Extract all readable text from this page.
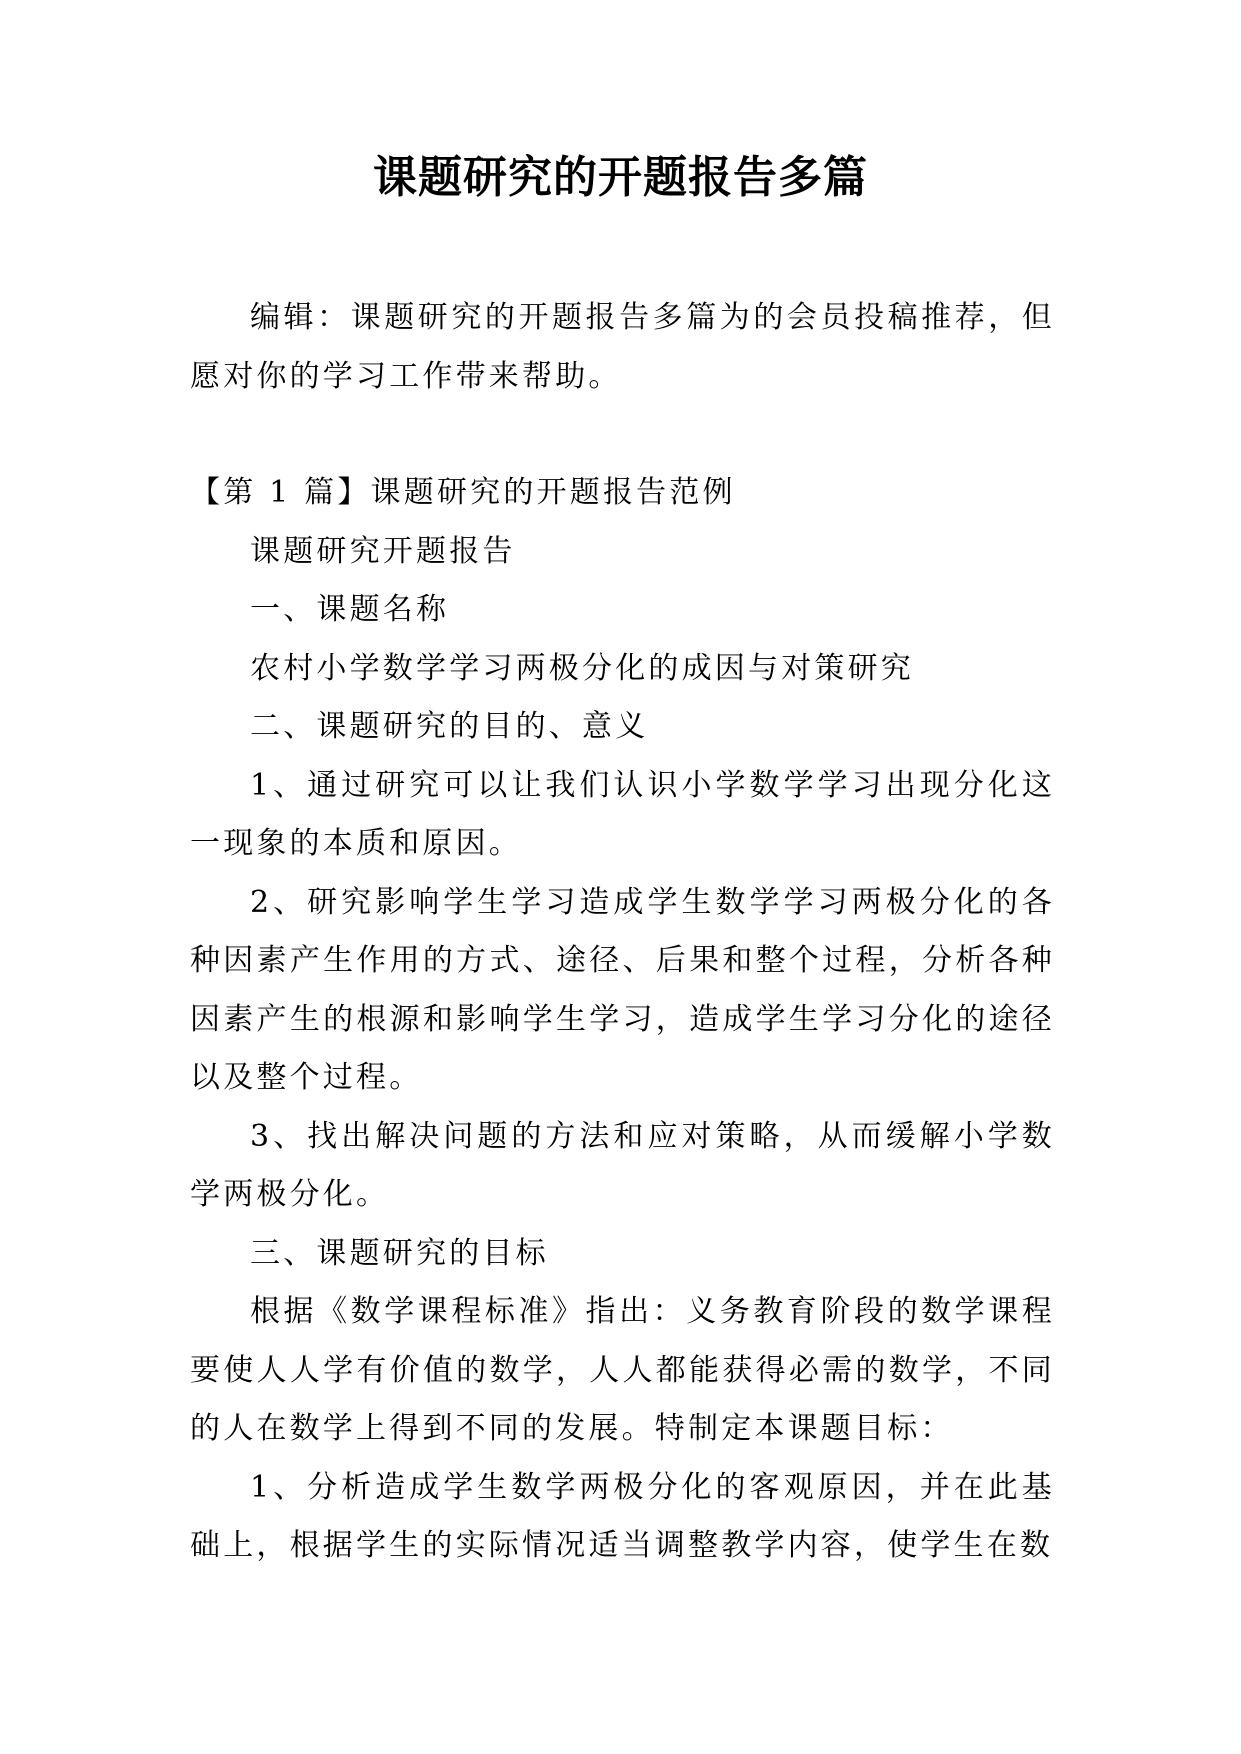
课题研究的开题报告多篇

编辑：课题研究的开题报告多篇为的会员投稿推荐，但愿对你的学习工作带来帮助。

【第 1 篇】课题研究的开题报告范例

课题研究开题报告

一、课题名称

农村小学数学学习两极分化的成因与对策研究

二、课题研究的目的、意义

1、通过研究可以让我们认识小学数学学习出现分化这一现象的本质和原因。

2、研究影响学生学习造成学生数学学习两极分化的各种因素产生作用的方式、途径、后果和整个过程，分析各种因素产生的根源和影响学生学习，造成学生学习分化的途径以及整个过程。

3、找出解决问题的方法和应对策略，从而缓解小学数学两极分化。

三、课题研究的目标

根据《数学课程标准》指出：义务教育阶段的数学课程要使人人学有价值的数学，人人都能获得必需的数学，不同的人在数学上得到不同的发展。特制定本课题目标：

1、分析造成学生数学两极分化的客观原因，并在此基础上，根据学生的实际情况适当调整教学内容，使学生在数
